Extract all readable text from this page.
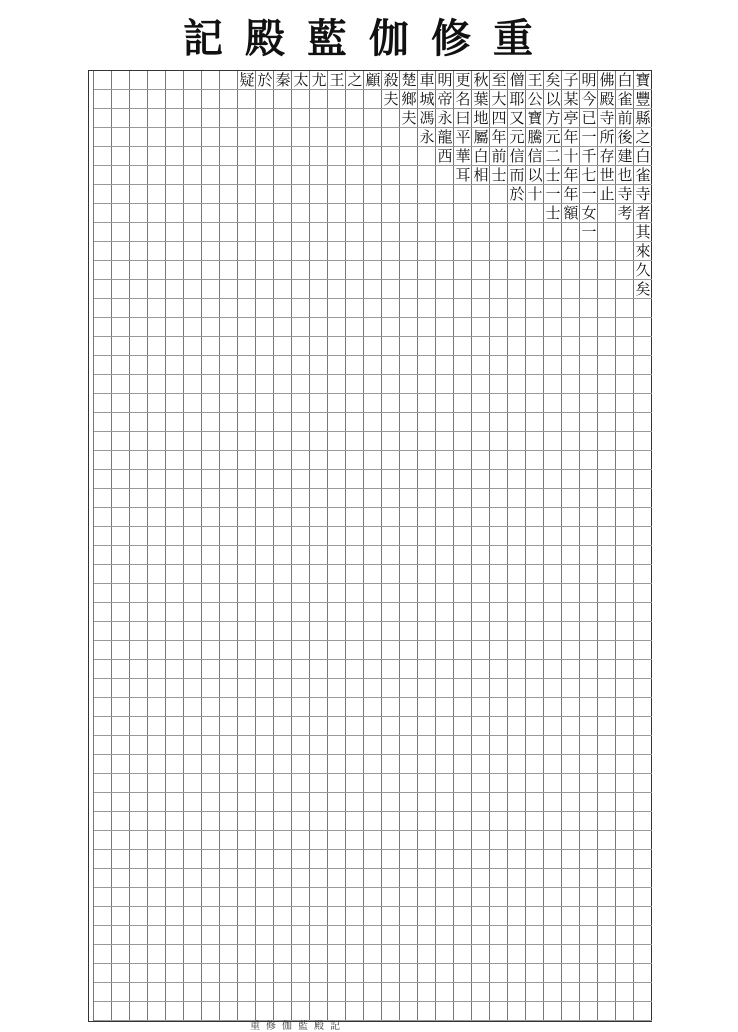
記殿藍伽修重
寶
豐
縣
之
白
雀
寺
者
其
來
久
矣
白
雀
前
後
建
也
寺
考
佛
殿
寺
所
存
世
止
明
今
已
一
千
七
一
女
一
子
某
亭
年
十
年
年
額
矣
以
方
元
二
士
一
士
王
公
寶
騰
信
以
十
僧
耶
又
元
信
而
於
至
大
四
年
前
士
秋
葉
地
屬
白
相
更
名
曰
平
華
耳
明
帝
永
龍
西
車
城
馮
永
楚
鄉
夫
殺
夫
顧
之
王
尤
太
秦
於
疑
重修伽藍殿記
